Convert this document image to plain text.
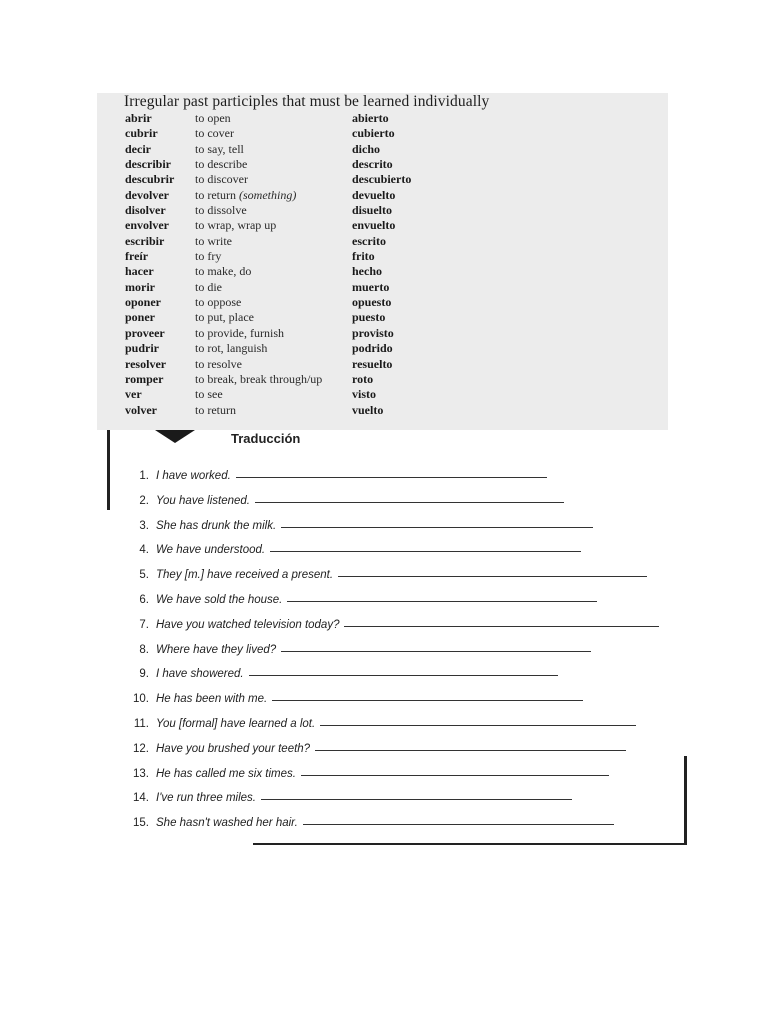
Irregular past participles that must be learned individually
abrir	to open	abierto
cubrir	to cover	cubierto
decir	to say, tell	dicho
describir	to describe	descrito
descubrir	to discover	descubierto
devolver	to return (something)	devuelto
disolver	to dissolve	disuelto
envolver	to wrap, wrap up	envuelto
escribir	to write	escrito
freír	to fry	frito
hacer	to make, do	hecho
morir	to die	muerto
oponer	to oppose	opuesto
poner	to put, place	puesto
proveer	to provide, furnish	provisto
pudrir	to rot, languish	podrido
resolver	to resolve	resuelto
romper	to break, break through/up	roto
ver	to see	visto
volver	to return	vuelto
Traducción
1. I have worked.
2. You have listened.
3. She has drunk the milk.
4. We have understood.
5. They [m.] have received a present.
6. We have sold the house.
7. Have you watched television today?
8. Where have they lived?
9. I have showered.
10. He has been with me.
11. You [formal] have learned a lot.
12. Have you brushed your teeth?
13. He has called me six times.
14. I've run three miles.
15. She hasn't washed her hair.
